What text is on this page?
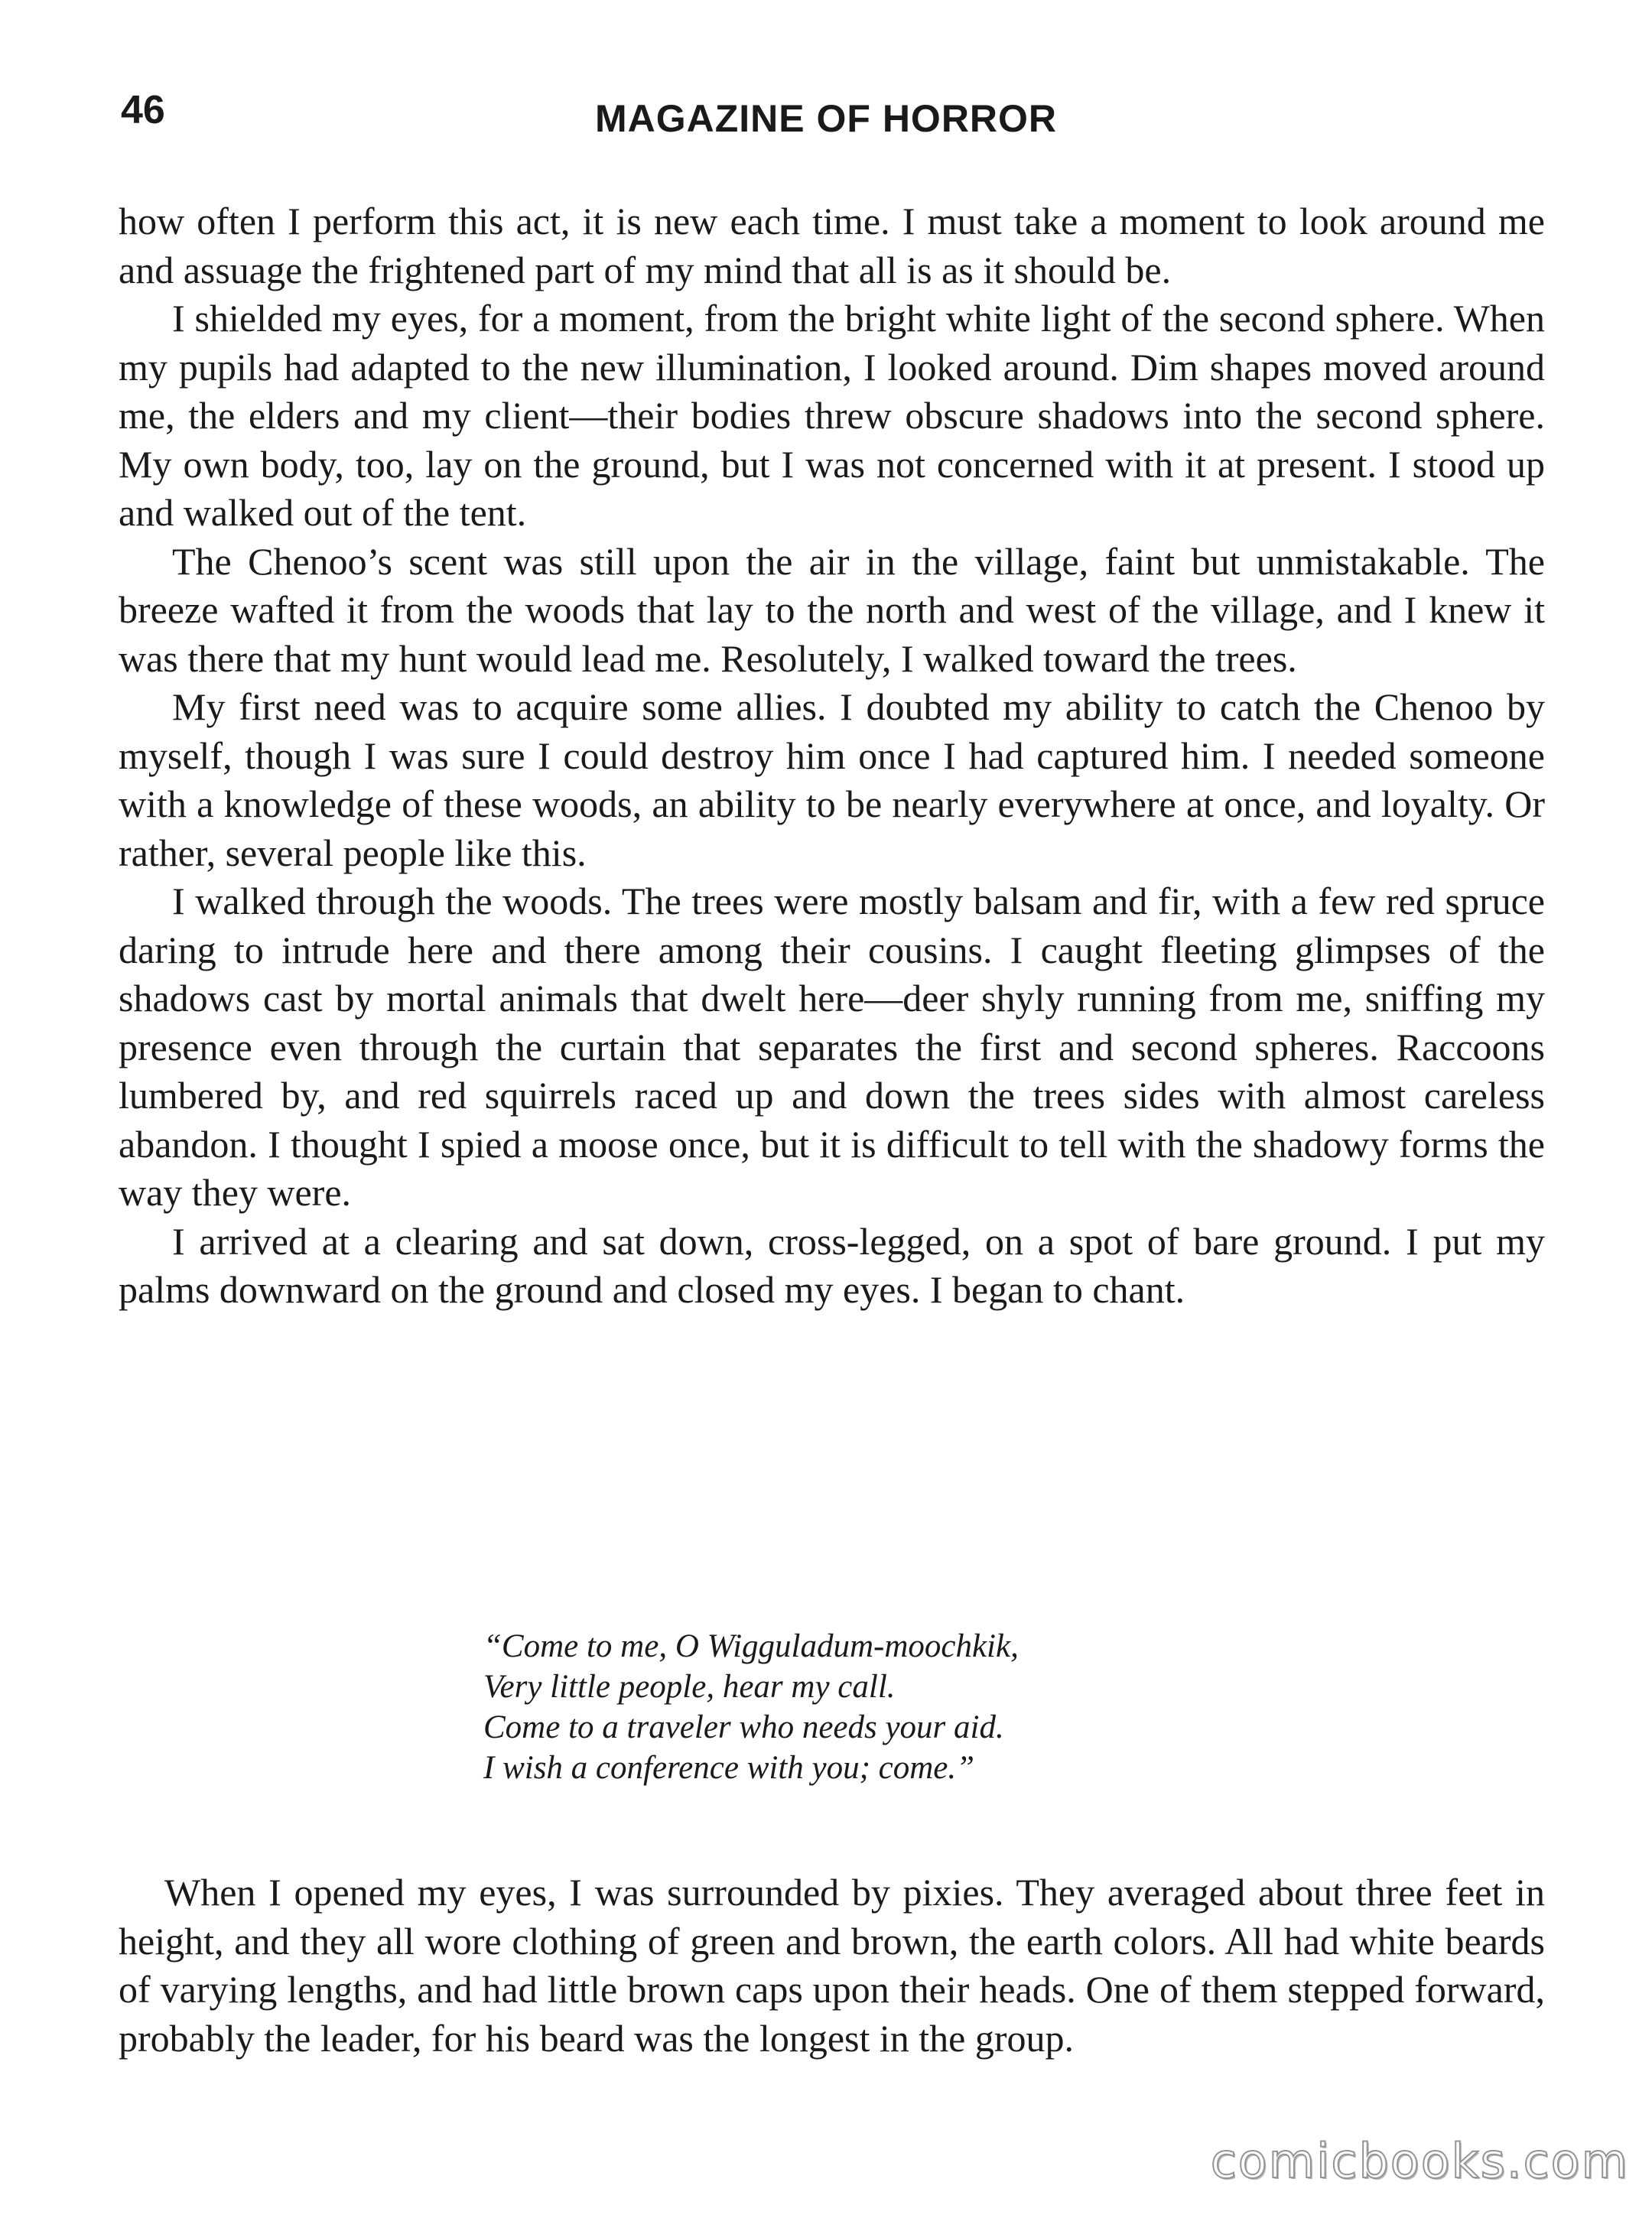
46	MAGAZINE OF HORROR

how often I perform this act, it is new each time. I must take a moment to look around me and assuage the frightened part of my mind that all is as it should be.

I shielded my eyes, for a moment, from the bright white light of the second sphere. When my pupils had adapted to the new illumination, I looked around. Dim shapes moved around me, the elders and my client—their bodies threw obscure shadows into the second sphere. My own body, too, lay on the ground, but I was not concerned with it at present. I stood up and walked out of the tent.

The Chenoo’s scent was still upon the air in the village, faint but unmistakable. The breeze wafted it from the woods that lay to the north and west of the village, and I knew it was there that my hunt would lead me. Resolutely, I walked toward the trees.

My first need was to acquire some allies. I doubted my ability to catch the Chenoo by myself, though I was sure I could destroy him once I had captured him. I needed someone with a knowledge of these woods, an ability to be nearly everywhere at once, and loyalty. Or rather, several people like this.

I walked through the woods. The trees were mostly balsam and fir, with a few red spruce daring to intrude here and there among their cousins. I caught fleeting glimpses of the shadows cast by mortal animals that dwelt here—deer shyly running from me, sniffing my presence even through the curtain that separates the first and second spheres. Raccoons lumbered by, and red squirrels raced up and down the trees sides with almost careless abandon. I thought I spied a moose once, but it is difficult to tell with the shadowy forms the way they were.

I arrived at a clearing and sat down, cross-legged, on a spot of bare ground. I put my palms downward on the ground and closed my eyes. I began to chant.

“Come to me, O Wigguladum-moochkik,
Very little people, hear my call.
Come to a traveler who needs your aid.
I wish a conference with you; come.”

When I opened my eyes, I was surrounded by pixies. They averaged about three feet in height, and they all wore clothing of green and brown, the earth colors. All had white beards of varying lengths, and had little brown caps upon their heads. One of them stepped forward, probably the leader, for his beard was the longest in the group.

comicbooks.com
